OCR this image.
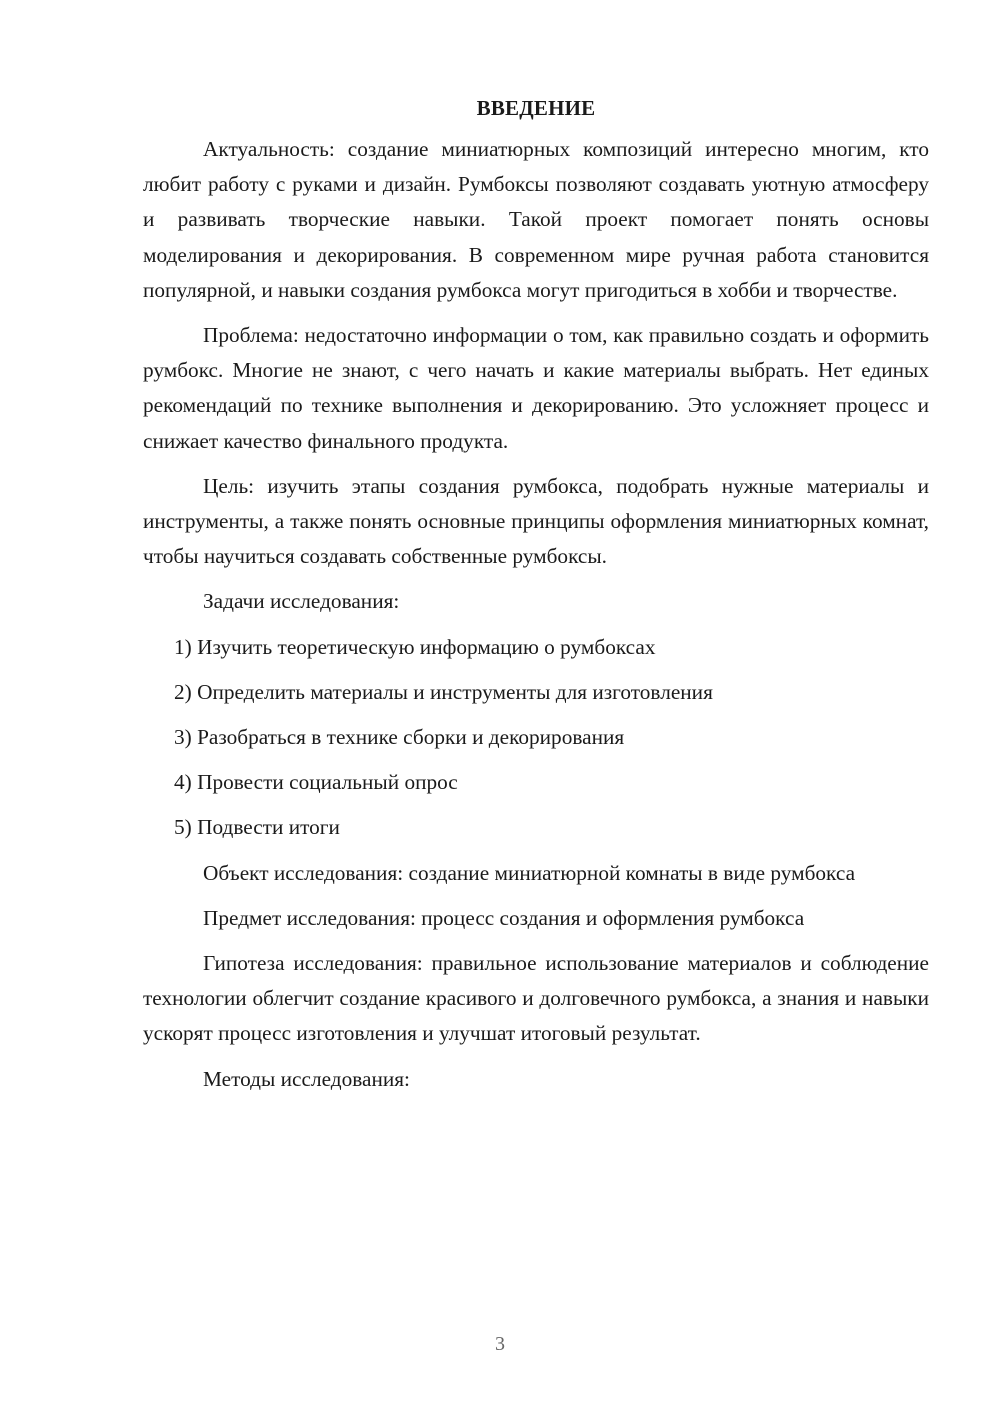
ВВЕДЕНИЕ

Актуальность: создание миниатюрных композиций интересно многим, кто любит работу с руками и дизайн. Румбоксы позволяют создавать уютную атмосферу и развивать творческие навыки. Такой проект помогает понять основы моделирования и декорирования. В современном мире ручная работа становится популярной, и навыки создания румбокса могут пригодиться в хобби и творчестве.

Проблема: недостаточно информации о том, как правильно создать и оформить румбокс. Многие не знают, с чего начать и какие материалы выбрать. Нет единых рекомендаций по технике выполнения и декорированию. Это усложняет процесс и снижает качество финального продукта.

Цель: изучить этапы создания румбокса, подобрать нужные материалы и инструменты, а также понять основные принципы оформления миниатюрных комнат, чтобы научиться создавать собственные румбоксы.

Задачи исследования:

1) Изучить теоретическую информацию о румбоксах
2) Определить материалы и инструменты для изготовления
3) Разобраться в технике сборки и декорирования
4) Провести социальный опрос
5) Подвести итоги

Объект исследования: создание миниатюрной комнаты в виде румбокса

Предмет исследования: процесс создания и оформления румбокса

Гипотеза исследования: правильное использование материалов и соблюдение технологии облегчит создание красивого и долговечного румбокса, а знания и навыки ускорят процесс изготовления и улучшат итоговый результат.

Методы исследования:

3
